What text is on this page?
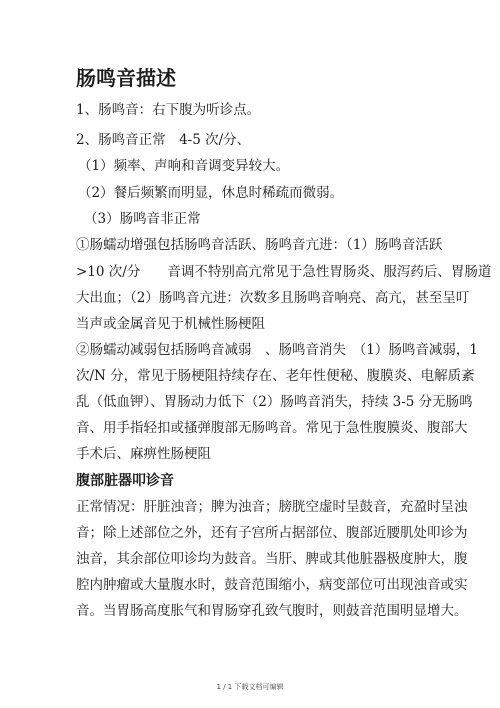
肠鸣音描述
1、肠鸣音：右下腹为听诊点。
2、肠鸣音正常　4-5 次/分、
（1）频率、声响和音调变异较大。
（2）餐后频繁而明显，休息时稀疏而微弱。
（3）肠鸣音非正常
①肠蠕动增强包括肠鸣音活跃、肠鸣音亢进：（1）肠鸣音活跃
>10 次/分　　音调不特别高亢常见于急性胃肠炎、服泻药后、胃肠道
大出血；（2）肠鸣音亢进：次数多且肠鸣音响亮、高亢，甚至呈叮
当声或金属音见于机械性肠梗阻
②肠蠕动减弱包括肠鸣音减弱　、肠鸣音消失　（1）肠鸣音减弱，1
次/N 分，常见于肠梗阻持续存在、老年性便秘、腹膜炎、电解质紊
乱（低血钾）、胃肠动力低下（2）肠鸣音消失，持续 3-5 分无肠鸣
音、用手指轻扣或搔弹腹部无肠鸣音。常见于急性腹膜炎、腹部大
手术后、麻痹性肠梗阻
腹部脏器叩诊音
正常情况：肝脏浊音；脾为浊音；膀胱空虚时呈鼓音，充盈时呈浊
音；除上述部位之外，还有子宫所占据部位、腹部近腰肌处叩诊为
浊音，其余部位叩诊均为鼓音。当肝、脾或其他脏器极度肿大，腹
腔内肿瘤或大量腹水时，鼓音范围缩小，病变部位可出现浊音或实
音。当胃肠高度胀气和胃肠穿孔致气腹时，则鼓音范围明显增大。
1 / 1 下载文档可编辑
